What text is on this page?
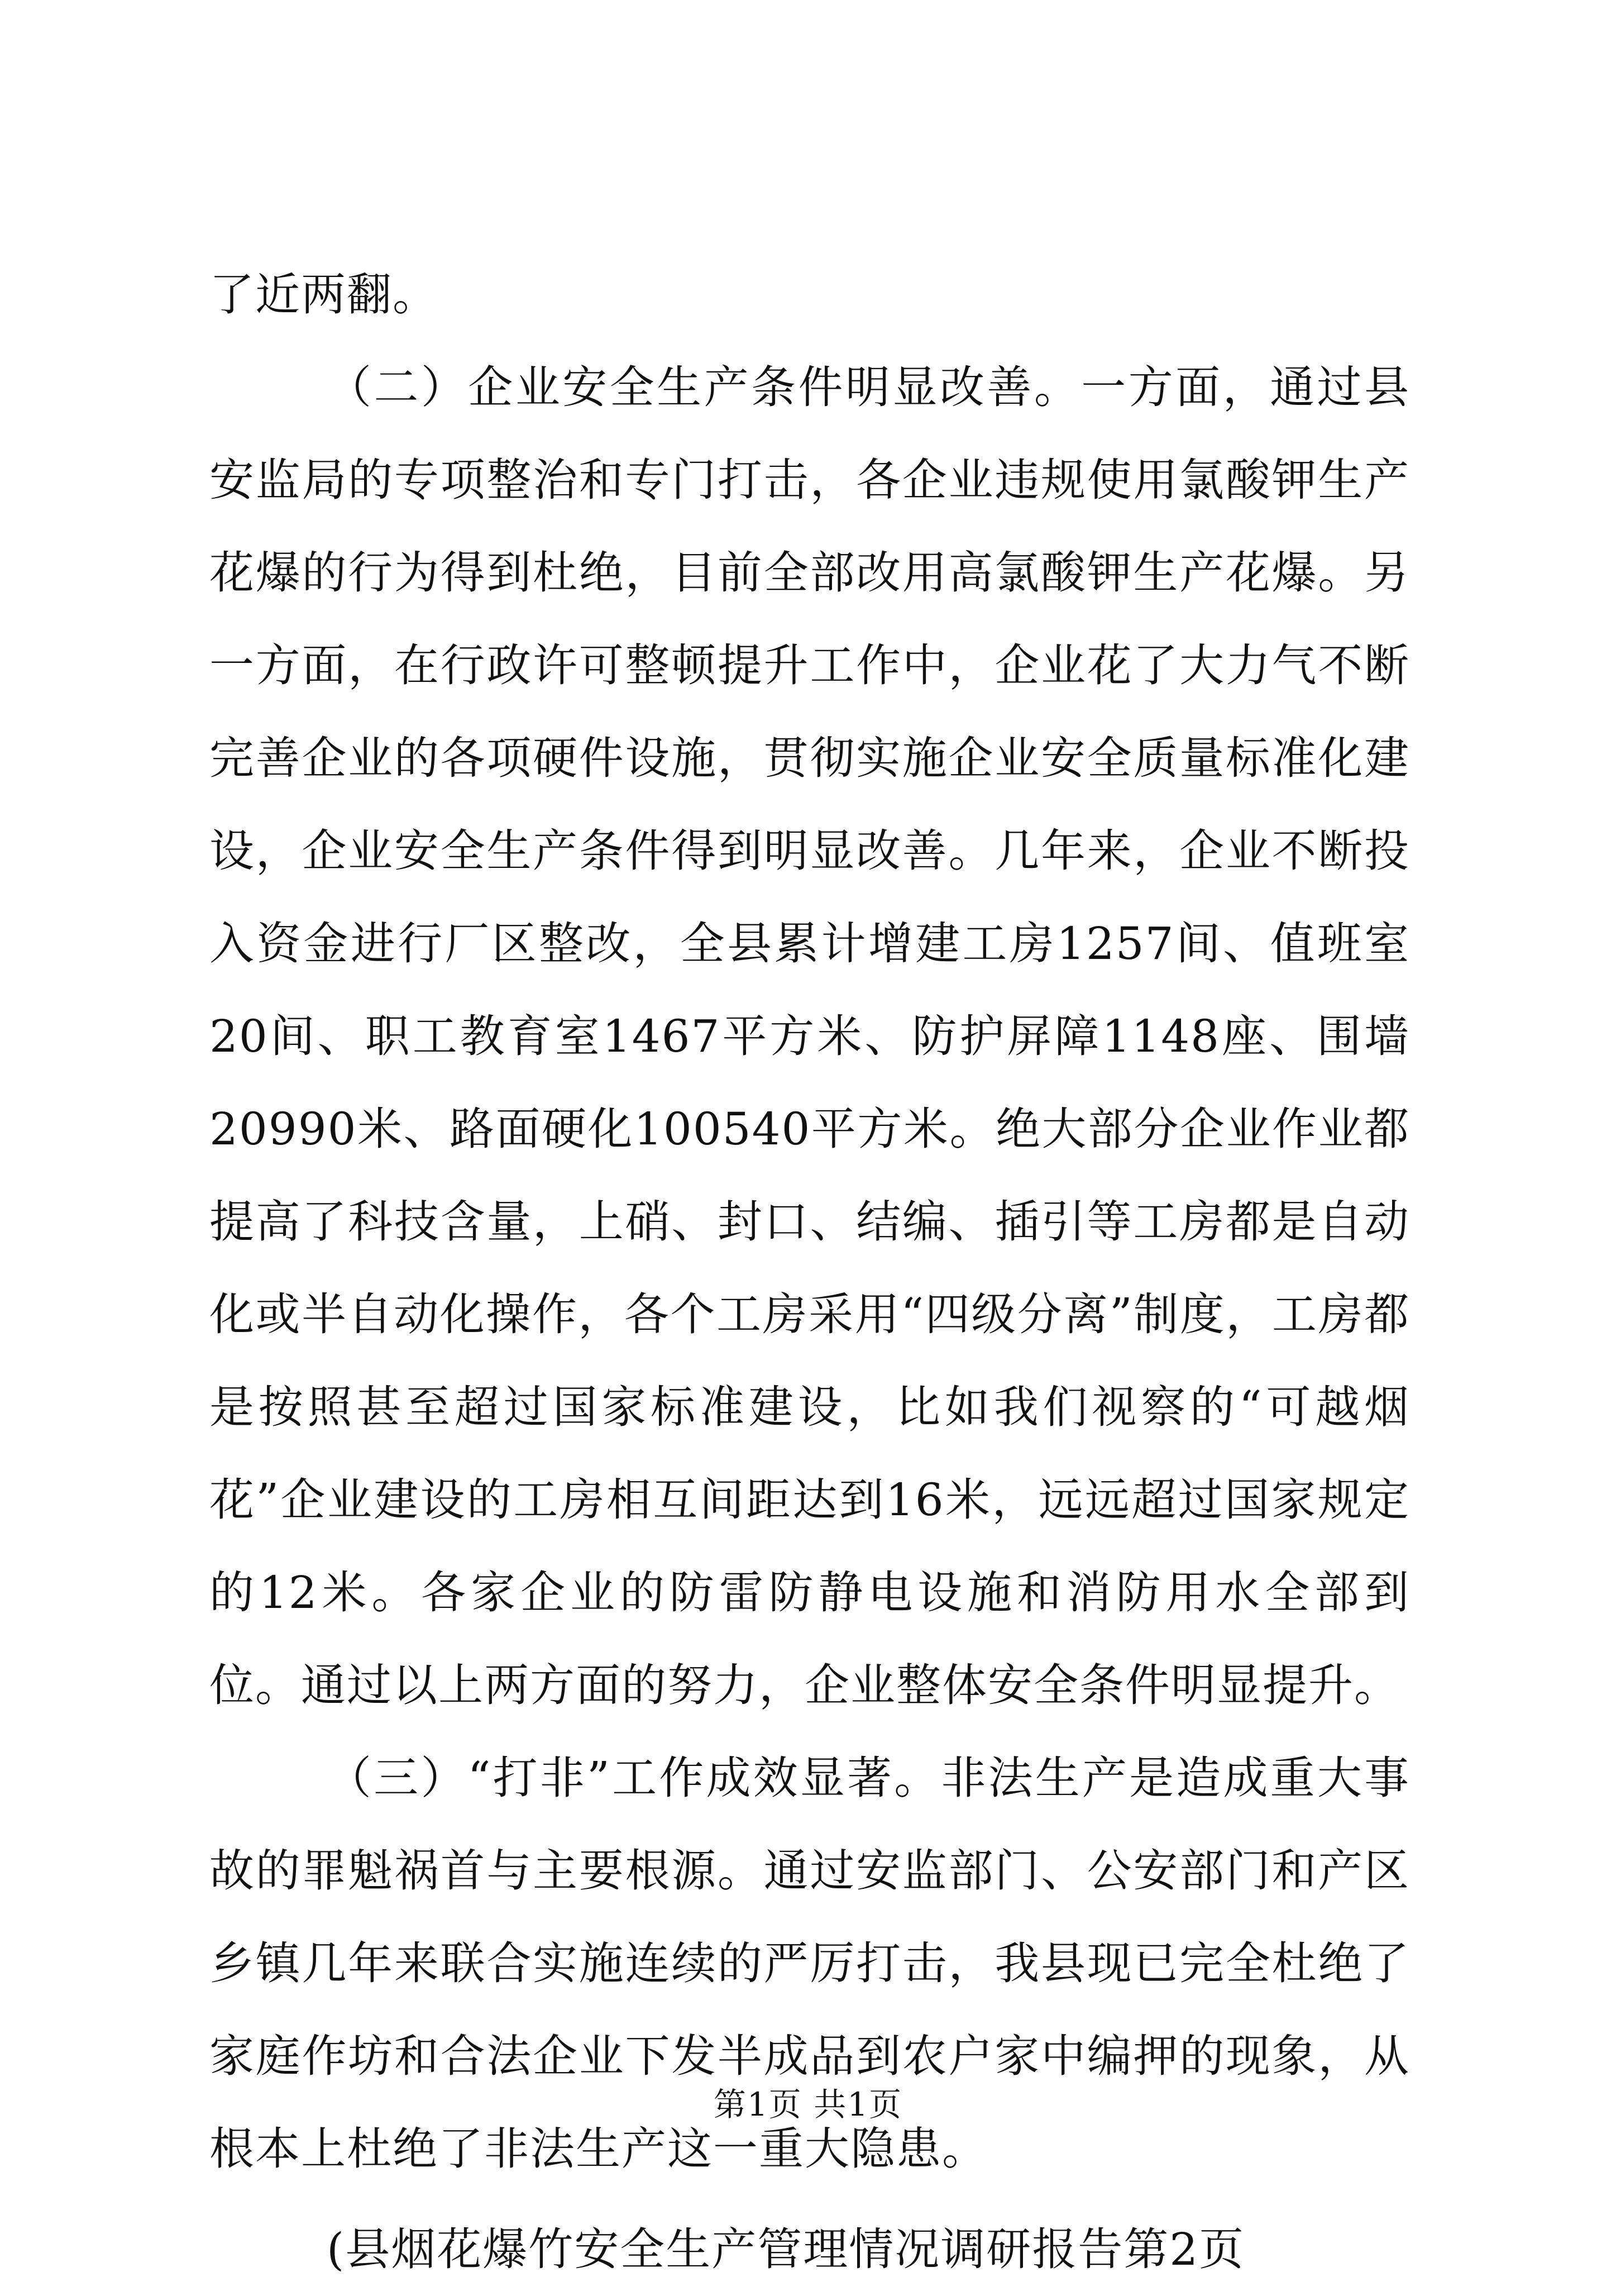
了近两翻。

（二）企业安全生产条件明显改善。一方面，通过县安监局的专项整治和专门打击，各企业违规使用氯酸钾生产花爆的行为得到杜绝，目前全部改用高氯酸钾生产花爆。另一方面，在行政许可整顿提升工作中，企业花了大力气不断完善企业的各项硬件设施，贯彻实施企业安全质量标准化建设，企业安全生产条件得到明显改善。几年来，企业不断投入资金进行厂区整改，全县累计增建工房1257间、值班室20间、职工教育室1467平方米、防护屏障1148座、围墙20990米、路面硬化100540平方米。绝大部分企业作业都提高了科技含量，上硝、封口、结编、插引等工房都是自动化或半自动化操作，各个工房采用“四级分离”制度，工房都是按照甚至超过国家标准建设，比如我们视察的“可越烟花”企业建设的工房相互间距达到16米，远远超过国家规定的12米。各家企业的防雷防静电设施和消防用水全部到位。通过以上两方面的努力，企业整体安全条件明显提升。

（三）“打非”工作成效显著。非法生产是造成重大事故的罪魁祸首与主要根源。通过安监部门、公安部门和产区乡镇几年来联合实施连续的严厉打击，我县现已完全杜绝了家庭作坊和合法企业下发半成品到农户家中编押的现象，从根本上杜绝了非法生产这一重大隐患。

(县烟花爆竹安全生产管理情况调研报告第2页

第1页 共1页
